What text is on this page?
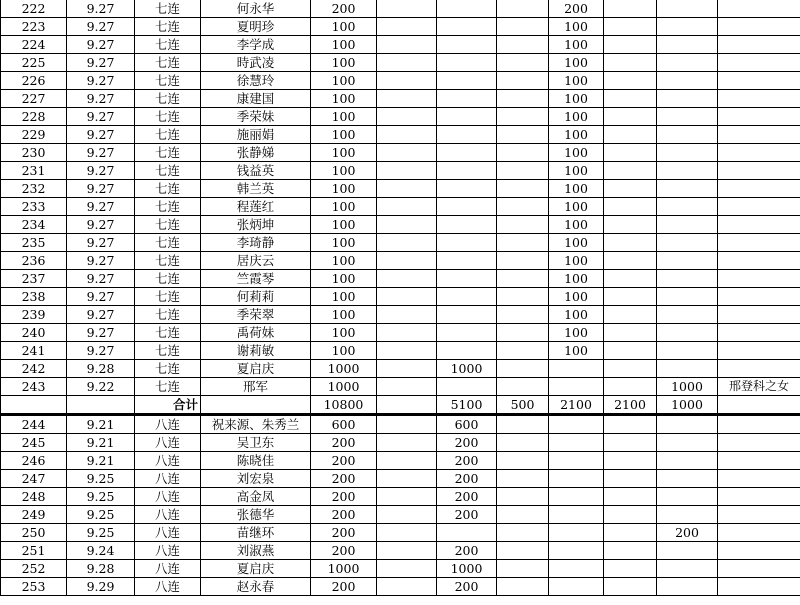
222	9.27	七连	何永华	200				200			
223	9.27	七连	夏明珍	100				100			
224	9.27	七连	李学成	100				100			
225	9.27	七连	時武凌	100				100			
226	9.27	七连	徐慧玲	100				100			
227	9.27	七连	康建国	100				100			
228	9.27	七连	季荣妹	100				100			
229	9.27	七连	施丽娟	100				100			
230	9.27	七连	张静娣	100				100			
231	9.27	七连	钱益英	100				100			
232	9.27	七连	韩兰英	100				100			
233	9.27	七连	程莲红	100				100			
234	9.27	七连	张炳坤	100				100			
235	9.27	七连	李琦静	100				100			
236	9.27	七连	居庆云	100				100			
237	9.27	七连	竺霞琴	100				100			
238	9.27	七连	何莉莉	100				100			
239	9.27	七连	季荣翠	100				100			
240	9.27	七连	禹荷妹	100				100			
241	9.27	七连	谢莉敏	100				100			
242	9.28	七连	夏启庆	1000		1000					
243	9.22	七连	邢军	1000						1000	邢登科之女
		合计		10800		5100	500	2100	2100	1000	
244	9.21	八连	祝来源、朱秀兰	600		600					
245	9.21	八连	吴卫东	200		200					
246	9.21	八连	陈晓佳	200		200					
247	9.25	八连	刘宏泉	200		200					
248	9.25	八连	高金凤	200		200					
249	9.25	八连	张德华	200		200					
250	9.25	八连	苗继环	200						200	
251	9.24	八连	刘淑燕	200		200					
252	9.28	八连	夏启庆	1000		1000					
253	9.29	八连	赵永春	200		200					
